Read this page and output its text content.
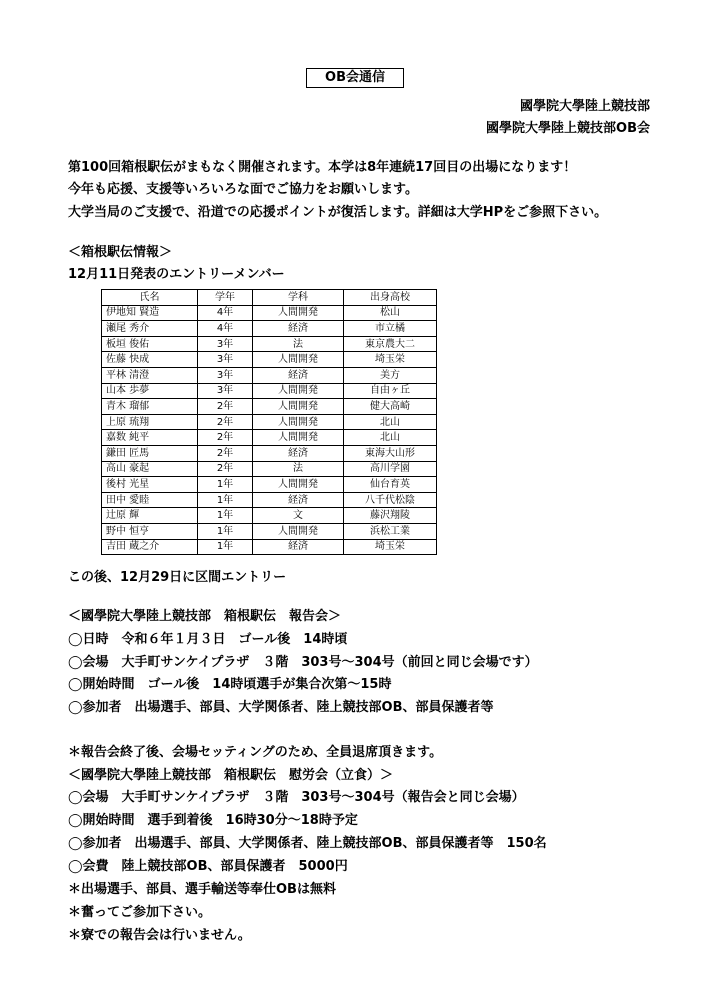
OB会通信
國學院大學陸上競技部
國學院大學陸上競技部OB会
第100回箱根駅伝がまもなく開催されます。本学は8年連続17回目の出場になります！
今年も応援、支援等いろいろな面でご協力をお願いします。
大学当局のご支援で、沿道での応援ポイントが復活します。詳細は大学HPをご参照下さい。
＜箱根駅伝情報＞
12月11日発表のエントリーメンバー
氏名	学年	学科	出身高校
伊地知 賢造	4年	人間開発	松山
瀬尾 秀介	4年	経済	市立橘
板垣 俊佑	3年	法	東京農大二
佐藤 快成	3年	人間開発	埼玉栄
平林 清澄	3年	経済	美方
山本 歩夢	3年	人間開発	自由ヶ丘
青木 瑠郁	2年	人間開発	健大高崎
上原 琉翔	2年	人間開発	北山
嘉数 純平	2年	人間開発	北山
鎌田 匠馬	2年	経済	東海大山形
高山 豪起	2年	法	高川学園
後村 光星	1年	人間開発	仙台育英
田中 愛睦	1年	経済	八千代松陰
辻原 輝	1年	文	藤沢翔陵
野中 恒亨	1年	人間開発	浜松工業
吉田 蔵之介	1年	経済	埼玉栄
この後、12月29日に区間エントリー
＜國學院大學陸上競技部　箱根駅伝　報告会＞
◯日時　令和６年１月３日　ゴール後　14時頃
◯会場　大手町サンケイプラザ　３階　303号～304号（前回と同じ会場です）
◯開始時間　ゴール後　14時頃選手が集合次第～15時
◯参加者　出場選手、部員、大学関係者、陸上競技部OB、部員保護者等
＊報告会終了後、会場セッティングのため、全員退席頂きます。
＜國學院大學陸上競技部　箱根駅伝　慰労会（立食）＞
◯会場　大手町サンケイプラザ　３階　303号～304号（報告会と同じ会場）
◯開始時間　選手到着後　16時30分～18時予定
◯参加者　出場選手、部員、大学関係者、陸上競技部OB、部員保護者等　150名
◯会費　陸上競技部OB、部員保護者　5000円
＊出場選手、部員、選手輸送等奉仕OBは無料
＊奮ってご参加下さい。
＊寮での報告会は行いません。
